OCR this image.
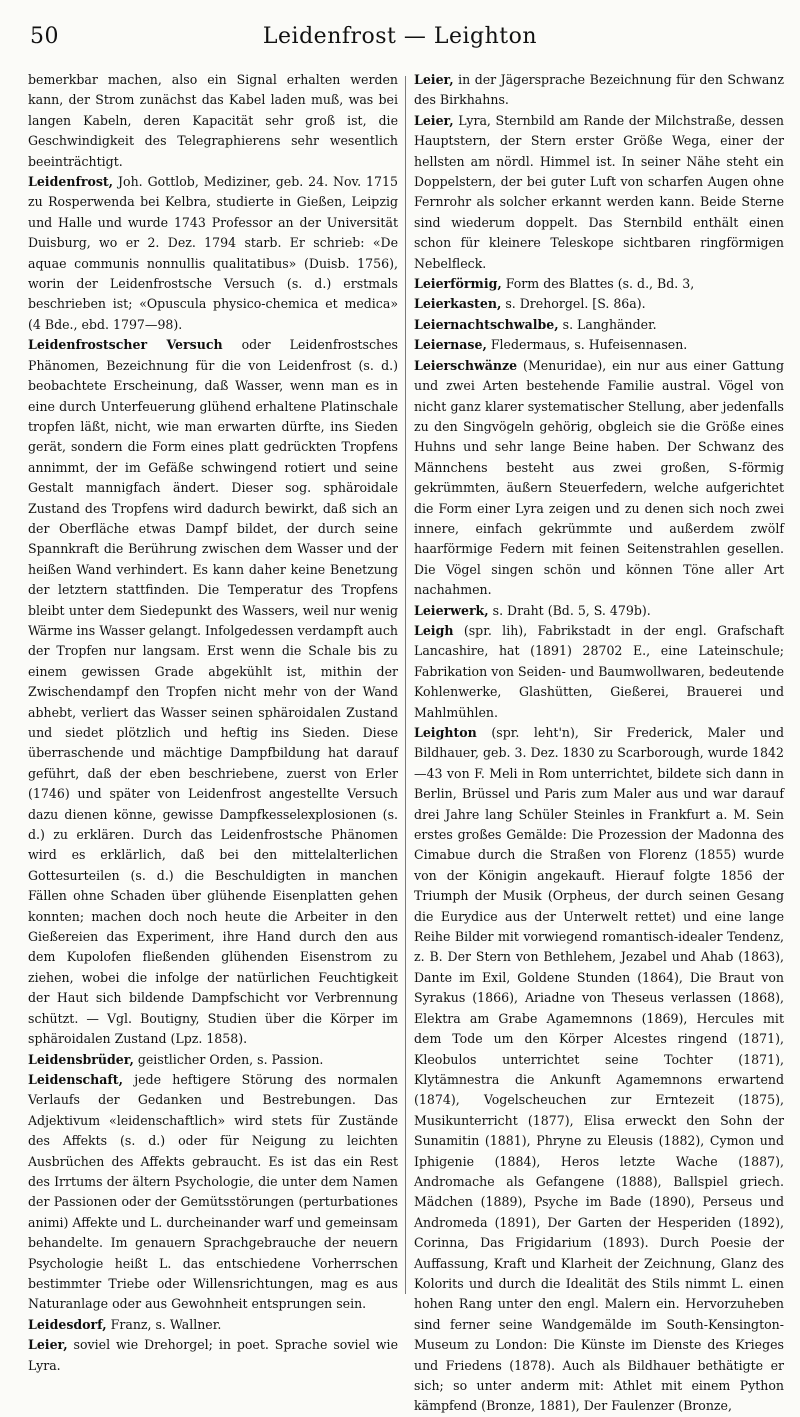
50	Leidenfrost — Leighton

bemerkbar machen, also ein Signal erhalten werden kann, der Strom zunächst das Kabel laden muß, was bei langen Kabeln, deren Kapacität sehr groß ist, die Geschwindigkeit des Telegraphierens sehr wesentlich beeinträchtigt.

Leidenfrost, Joh. Gottlob, Mediziner, geb. 24. Nov. 1715 zu Rosperwenda bei Kelbra, studierte in Gießen, Leipzig und Halle und wurde 1743 Professor an der Universität Duisburg, wo er 2. Dez. 1794 starb. Er schrieb: «De aquae communis nonnullis qualitatibus» (Duisb. 1756), worin der Leidenfrostsche Versuch (s. d.) erstmals beschrieben ist; «Opuscula physico-chemica et medica» (4 Bde., ebd. 1797—98).

Leidenfrostscher Versuch oder Leidenfrostsches Phänomen, Bezeichnung für die von Leidenfrost (s. d.) beobachtete Erscheinung, daß Wasser, wenn man es in eine durch Unterfeuerung glühend erhaltene Platinschale tropfen läßt, nicht, wie man erwarten dürfte, ins Sieden gerät, sondern die Form eines platt gedrückten Tropfens annimmt, der im Gefäße schwingend rotiert und seine Gestalt mannigfach ändert. Dieser sog. sphäroidale Zustand des Tropfens wird dadurch bewirkt, daß sich an der Oberfläche etwas Dampf bildet, der durch seine Spannkraft die Berührung zwischen dem Wasser und der heißen Wand verhindert. Es kann daher keine Benetzung der letztern stattfinden. Die Temperatur des Tropfens bleibt unter dem Siedepunkt des Wassers, weil nur wenig Wärme ins Wasser gelangt. Infolgedessen verdampft auch der Tropfen nur langsam. Erst wenn die Schale bis zu einem gewissen Grade abgekühlt ist, mithin der Zwischendampf den Tropfen nicht mehr von der Wand abhebt, verliert das Wasser seinen sphäroidalen Zustand und siedet plötzlich und heftig ins Sieden. Diese überraschende und mächtige Dampfbildung hat darauf geführt, daß der eben beschriebene, zuerst von Erler (1746) und später von Leidenfrost angestellte Versuch dazu dienen könne, gewisse Dampfkesselexplosionen (s. d.) zu erklären. Durch das Leidenfrostsche Phänomen wird es erklärlich, daß bei den mittelalterlichen Gottesurteilen (s. d.) die Beschuldigten in manchen Fällen ohne Schaden über glühende Eisenplatten gehen konnten; machen doch noch heute die Arbeiter in den Gießereien das Experiment, ihre Hand durch den aus dem Kupolofen fließenden glühenden Eisenstrom zu ziehen, wobei die infolge der natürlichen Feuchtigkeit der Haut sich bildende Dampfschicht vor Verbrennung schützt. — Vgl. Boutigny, Studien über die Körper im sphäroidalen Zustand (Lpz. 1858).

Leidensbrüder, geistlicher Orden, s. Passion.

Leidenschaft, jede heftigere Störung des normalen Verlaufs der Gedanken und Bestrebungen. Das Adjektivum «leidenschaftlich» wird stets für Zustände des Affekts (s. d.) oder für Neigung zu leichten Ausbrüchen des Affekts gebraucht. Es ist das ein Rest des Irrtums der ältern Psychologie, die unter dem Namen der Passionen oder der Gemütsstörungen (perturbationes animi) Affekte und L. durcheinander warf und gemeinsam behandelte. Im genauern Sprachgebrauche der neuern Psychologie heißt L. das entschiedene Vorherrschen bestimmter Triebe oder Willensrichtungen, mag es aus Naturanlage oder aus Gewohnheit entsprungen sein.

Leidesdorf, Franz, s. Wallner.

Leier, soviel wie Drehorgel; in poet. Sprache soviel wie Lyra.

Leier, in der Jägersprache Bezeichnung für den Schwanz des Birkhahns.

Leier, Lyra, Sternbild am Rande der Milchstraße, dessen Hauptstern, der Stern erster Größe Wega, einer der hellsten am nördl. Himmel ist. In seiner Nähe steht ein Doppelstern, der bei guter Luft von scharfen Augen ohne Fernrohr als solcher erkannt werden kann. Beide Sterne sind wiederum doppelt. Das Sternbild enthält einen schon für kleinere Teleskope sichtbaren ringförmigen Nebelfleck.

Leierförmig, Form des Blattes (s. d., Bd. 3,

Leierkasten, s. Drehorgel. [S. 86a).

Leiernachtschwalbe, s. Langhänder.

Leiernase, Fledermaus, s. Hufeisennasen.

Leierschwänze (Menuridae), ein nur aus einer Gattung und zwei Arten bestehende Familie austral. Vögel von nicht ganz klarer systematischer Stellung, aber jedenfalls zu den Singvögeln gehörig, obgleich sie die Größe eines Huhns und sehr lange Beine haben. Der Schwanz des Männchens besteht aus zwei großen, S-förmig gekrümmten, äußern Steuerfedern, welche aufgerichtet die Form einer Lyra zeigen und zu denen sich noch zwei innere, einfach gekrümmte und außerdem zwölf haarförmige Federn mit feinen Seitenstrahlen gesellen. Die Vögel singen schön und können Töne aller Art nachahmen.

Leierwerk, s. Draht (Bd. 5, S. 479b).

Leigh (spr. lih), Fabrikstadt in der engl. Grafschaft Lancashire, hat (1891) 28702 E., eine Lateinschule; Fabrikation von Seiden- und Baumwollwaren, bedeutende Kohlenwerke, Glashütten, Gießerei, Brauerei und Mahlmühlen.

Leighton (spr. leht'n), Sir Frederick, Maler und Bildhauer, geb. 3. Dez. 1830 zu Scarborough, wurde 1842—43 von F. Meli in Rom unterrichtet, bildete sich dann in Berlin, Brüssel und Paris zum Maler aus und war darauf drei Jahre lang Schüler Steinles in Frankfurt a. M. Sein erstes großes Gemälde: Die Prozession der Madonna des Cimabue durch die Straßen von Florenz (1855) wurde von der Königin angekauft. Hierauf folgte 1856 der Triumph der Musik (Orpheus, der durch seinen Gesang die Eurydice aus der Unterwelt rettet) und eine lange Reihe Bilder mit vorwiegend romantisch-idealer Tendenz, z. B. Der Stern von Bethlehem, Jezabel und Ahab (1863), Dante im Exil, Goldene Stunden (1864), Die Braut von Syrakus (1866), Ariadne von Theseus verlassen (1868), Elektra am Grabe Agamemnons (1869), Hercules mit dem Tode um den Körper Alcestes ringend (1871), Kleobulos unterrichtet seine Tochter (1871), Klytämnestra die Ankunft Agamemnons erwartend (1874), Vogelscheuchen zur Erntezeit (1875), Musikunterricht (1877), Elisa erweckt den Sohn der Sunamitin (1881), Phryne zu Eleusis (1882), Cymon und Iphigenie (1884), Heros letzte Wache (1887), Andromache als Gefangene (1888), Ballspiel griech. Mädchen (1889), Psyche im Bade (1890), Perseus und Andromeda (1891), Der Garten der Hesperiden (1892), Corinna, Das Frigidarium (1893). Durch Poesie der Auffassung, Kraft und Klarheit der Zeichnung, Glanz des Kolorits und durch die Idealität des Stils nimmt L. einen hohen Rang unter den engl. Malern ein. Hervorzuheben sind ferner seine Wandgemälde im South-Kensington-Museum zu London: Die Künste im Dienste des Krieges und Friedens (1878). Auch als Bildhauer bethätigte er sich; so unter anderm mit: Athlet mit einem Python kämpfend (Bronze, 1881), Der Faulenzer (Bronze,
